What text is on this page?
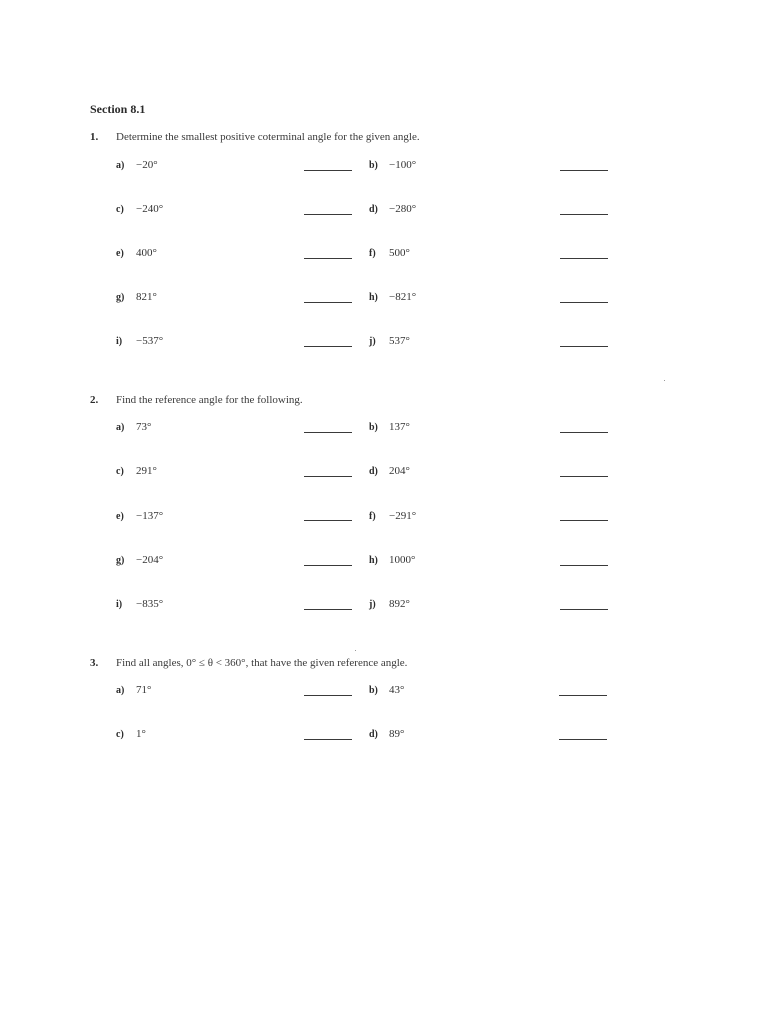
Section 8.1
1. Determine the smallest positive coterminal angle for the given angle.
a) −20°	b) −100°
c) −240°	d) −280°
e) 400°	f) 500°
g) 821°	h) −821°
i) −537°	j) 537°
2. Find the reference angle for the following.
a) 73°	b) 137°
c) 291°	d) 204°
e) −137°	f) −291°
g) −204°	h) 1000°
i) −835°	j) 892°
3. Find all angles, 0° ≤ θ < 360°, that have the given reference angle.
a) 71°	b) 43°
c) 1°	d) 89°
